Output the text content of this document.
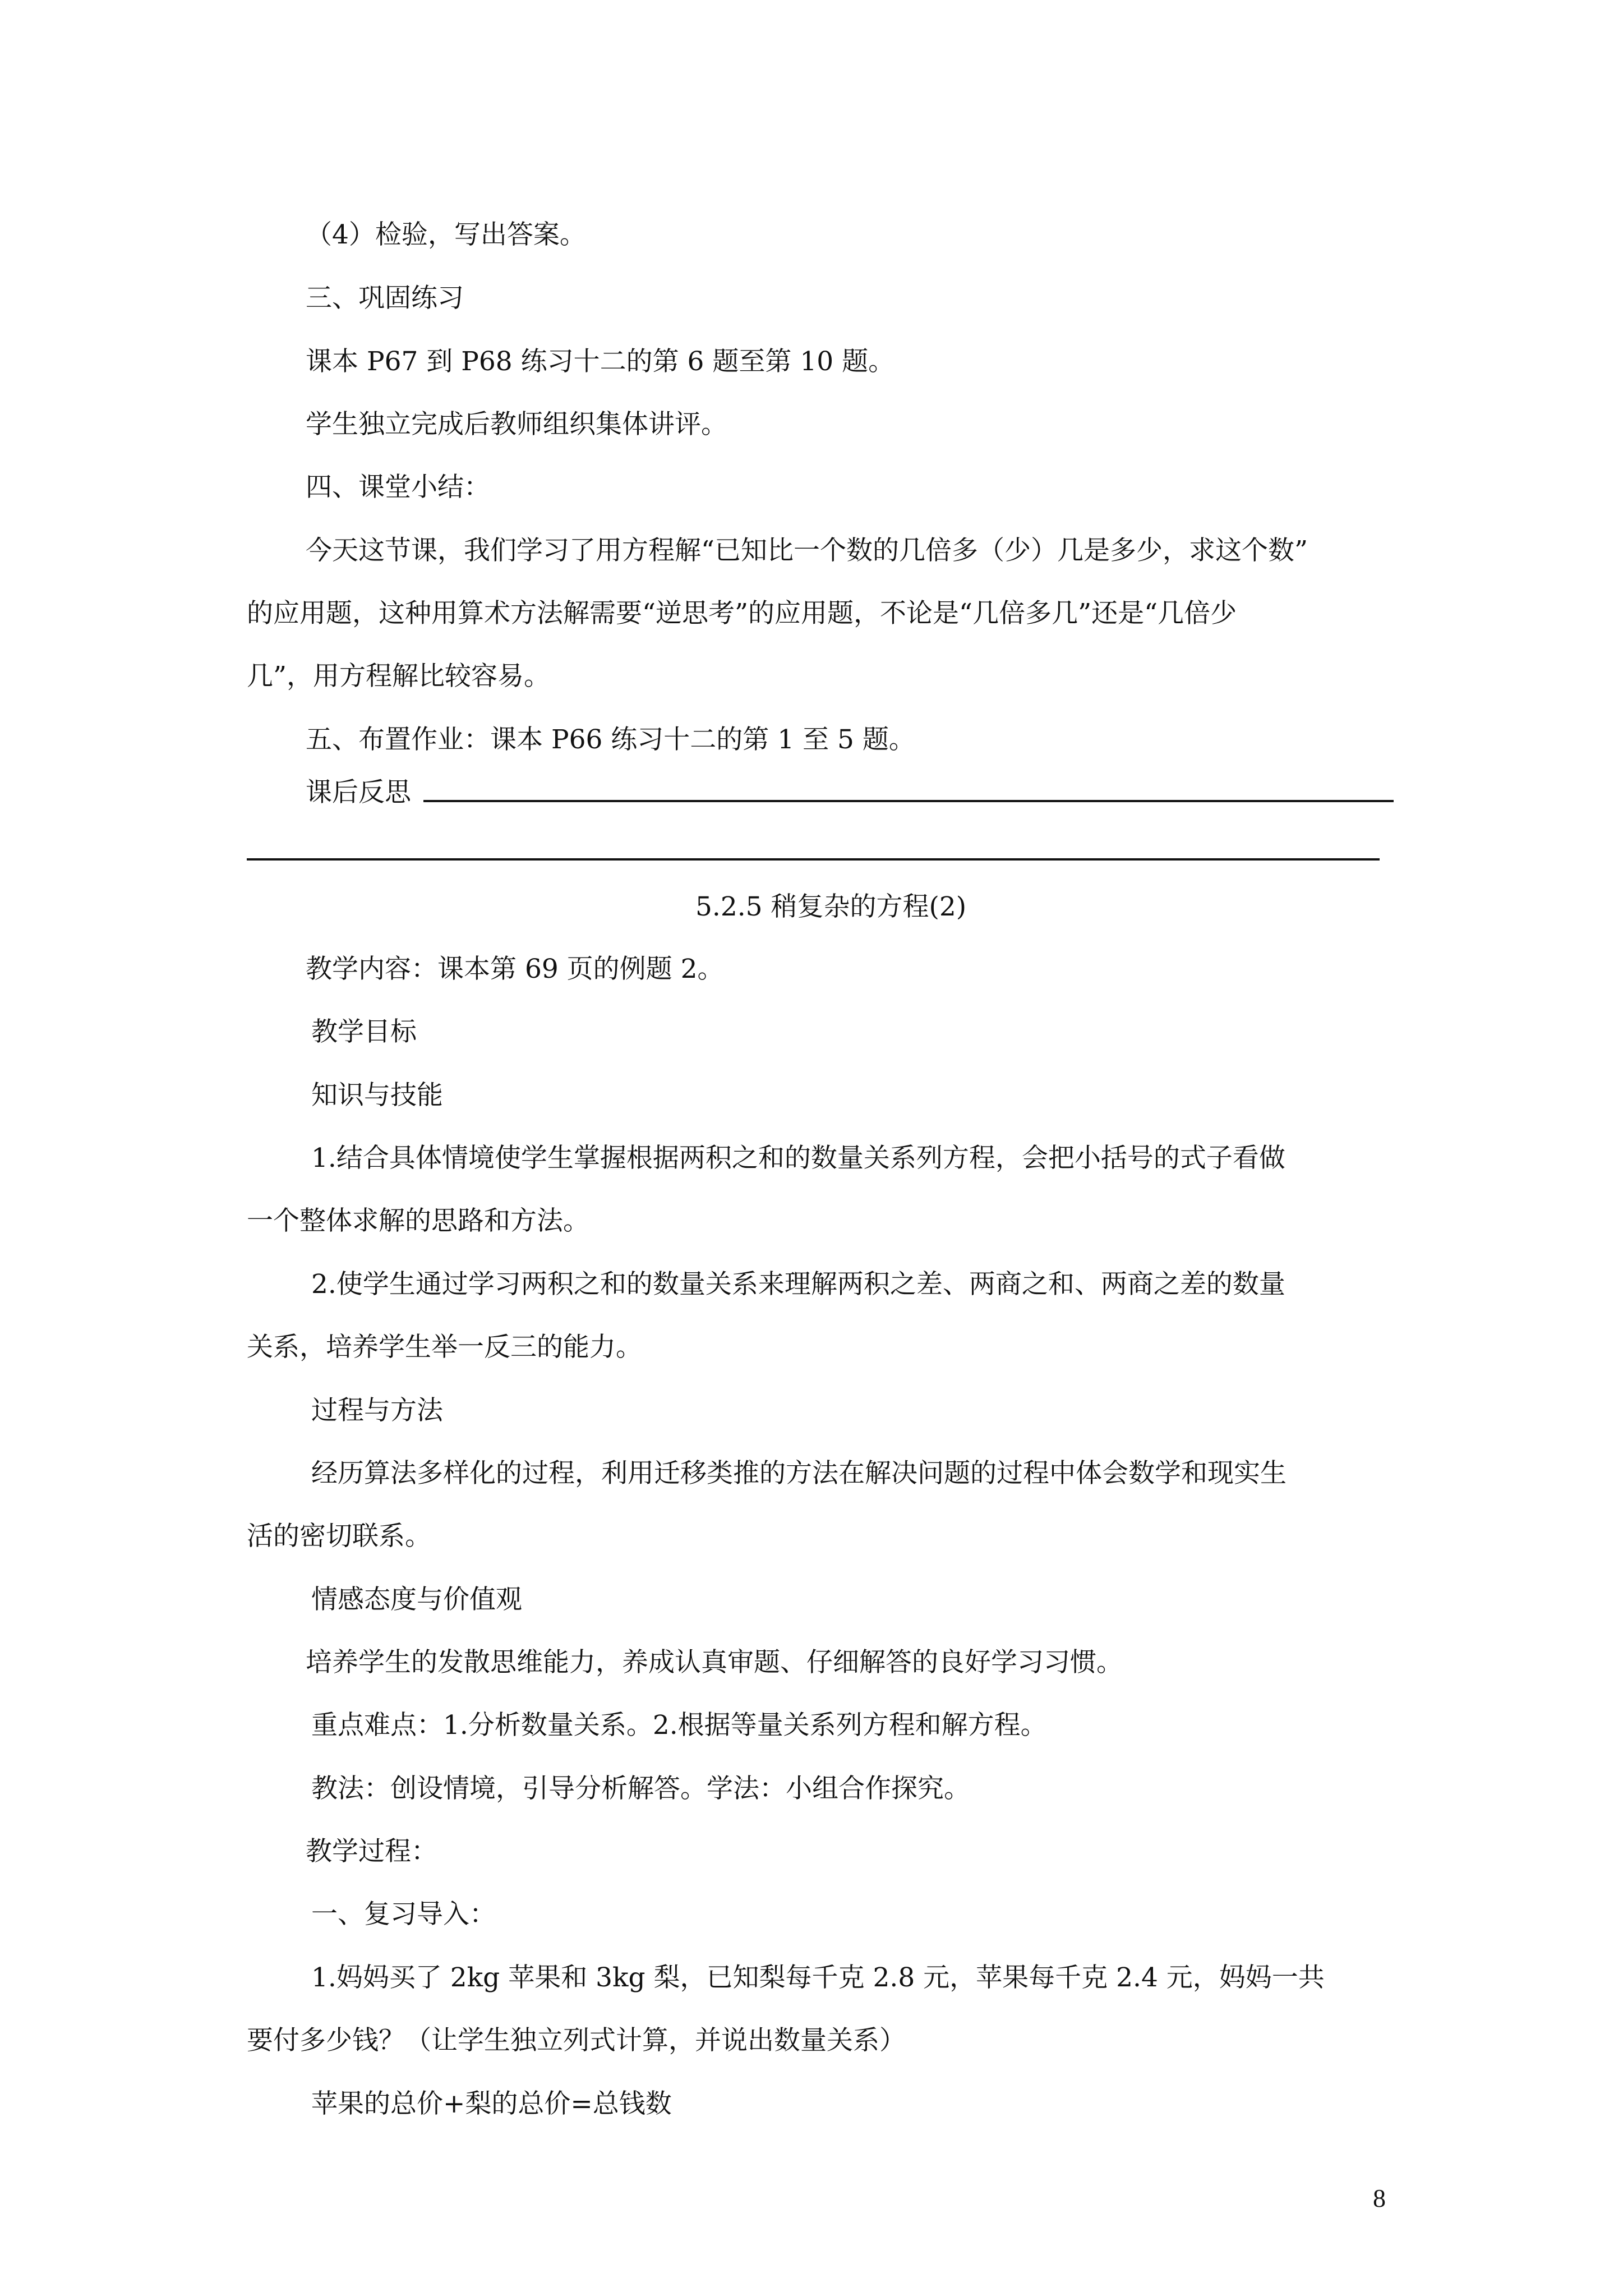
（4）检验，写出答案。
三、巩固练习
课本 P67 到 P68 练习十二的第 6 题至第 10 题。
学生独立完成后教师组织集体讲评。
四、课堂小结：
今天这节课，我们学习了用方程解“已知比一个数的几倍多（少）几是多少，求这个数”
的应用题，这种用算术方法解需要“逆思考”的应用题，不论是“几倍多几”还是“几倍少
几”，用方程解比较容易。
五、布置作业：课本 P66 练习十二的第 1 至 5 题。
课后反思
5.2.5 稍复杂的方程(2)
教学内容：课本第 69 页的例题 2。
教学目标
知识与技能
1.结合具体情境使学生掌握根据两积之和的数量关系列方程，会把小括号的式子看做
一个整体求解的思路和方法。
2.使学生通过学习两积之和的数量关系来理解两积之差、两商之和、两商之差的数量
关系，培养学生举一反三的能力。
过程与方法
经历算法多样化的过程，利用迁移类推的方法在解决问题的过程中体会数学和现实生
活的密切联系。
情感态度与价值观
培养学生的发散思维能力，养成认真审题、仔细解答的良好学习习惯。
重点难点：1.分析数量关系。2.根据等量关系列方程和解方程。
教法：创设情境，引导分析解答。学法：小组合作探究。
教学过程：
一、复习导入：
1.妈妈买了 2kg 苹果和 3kg 梨，已知梨每千克 2.8 元，苹果每千克 2.4 元，妈妈一共
要付多少钱？（让学生独立列式计算，并说出数量关系）
苹果的总价+梨的总价=总钱数
8
